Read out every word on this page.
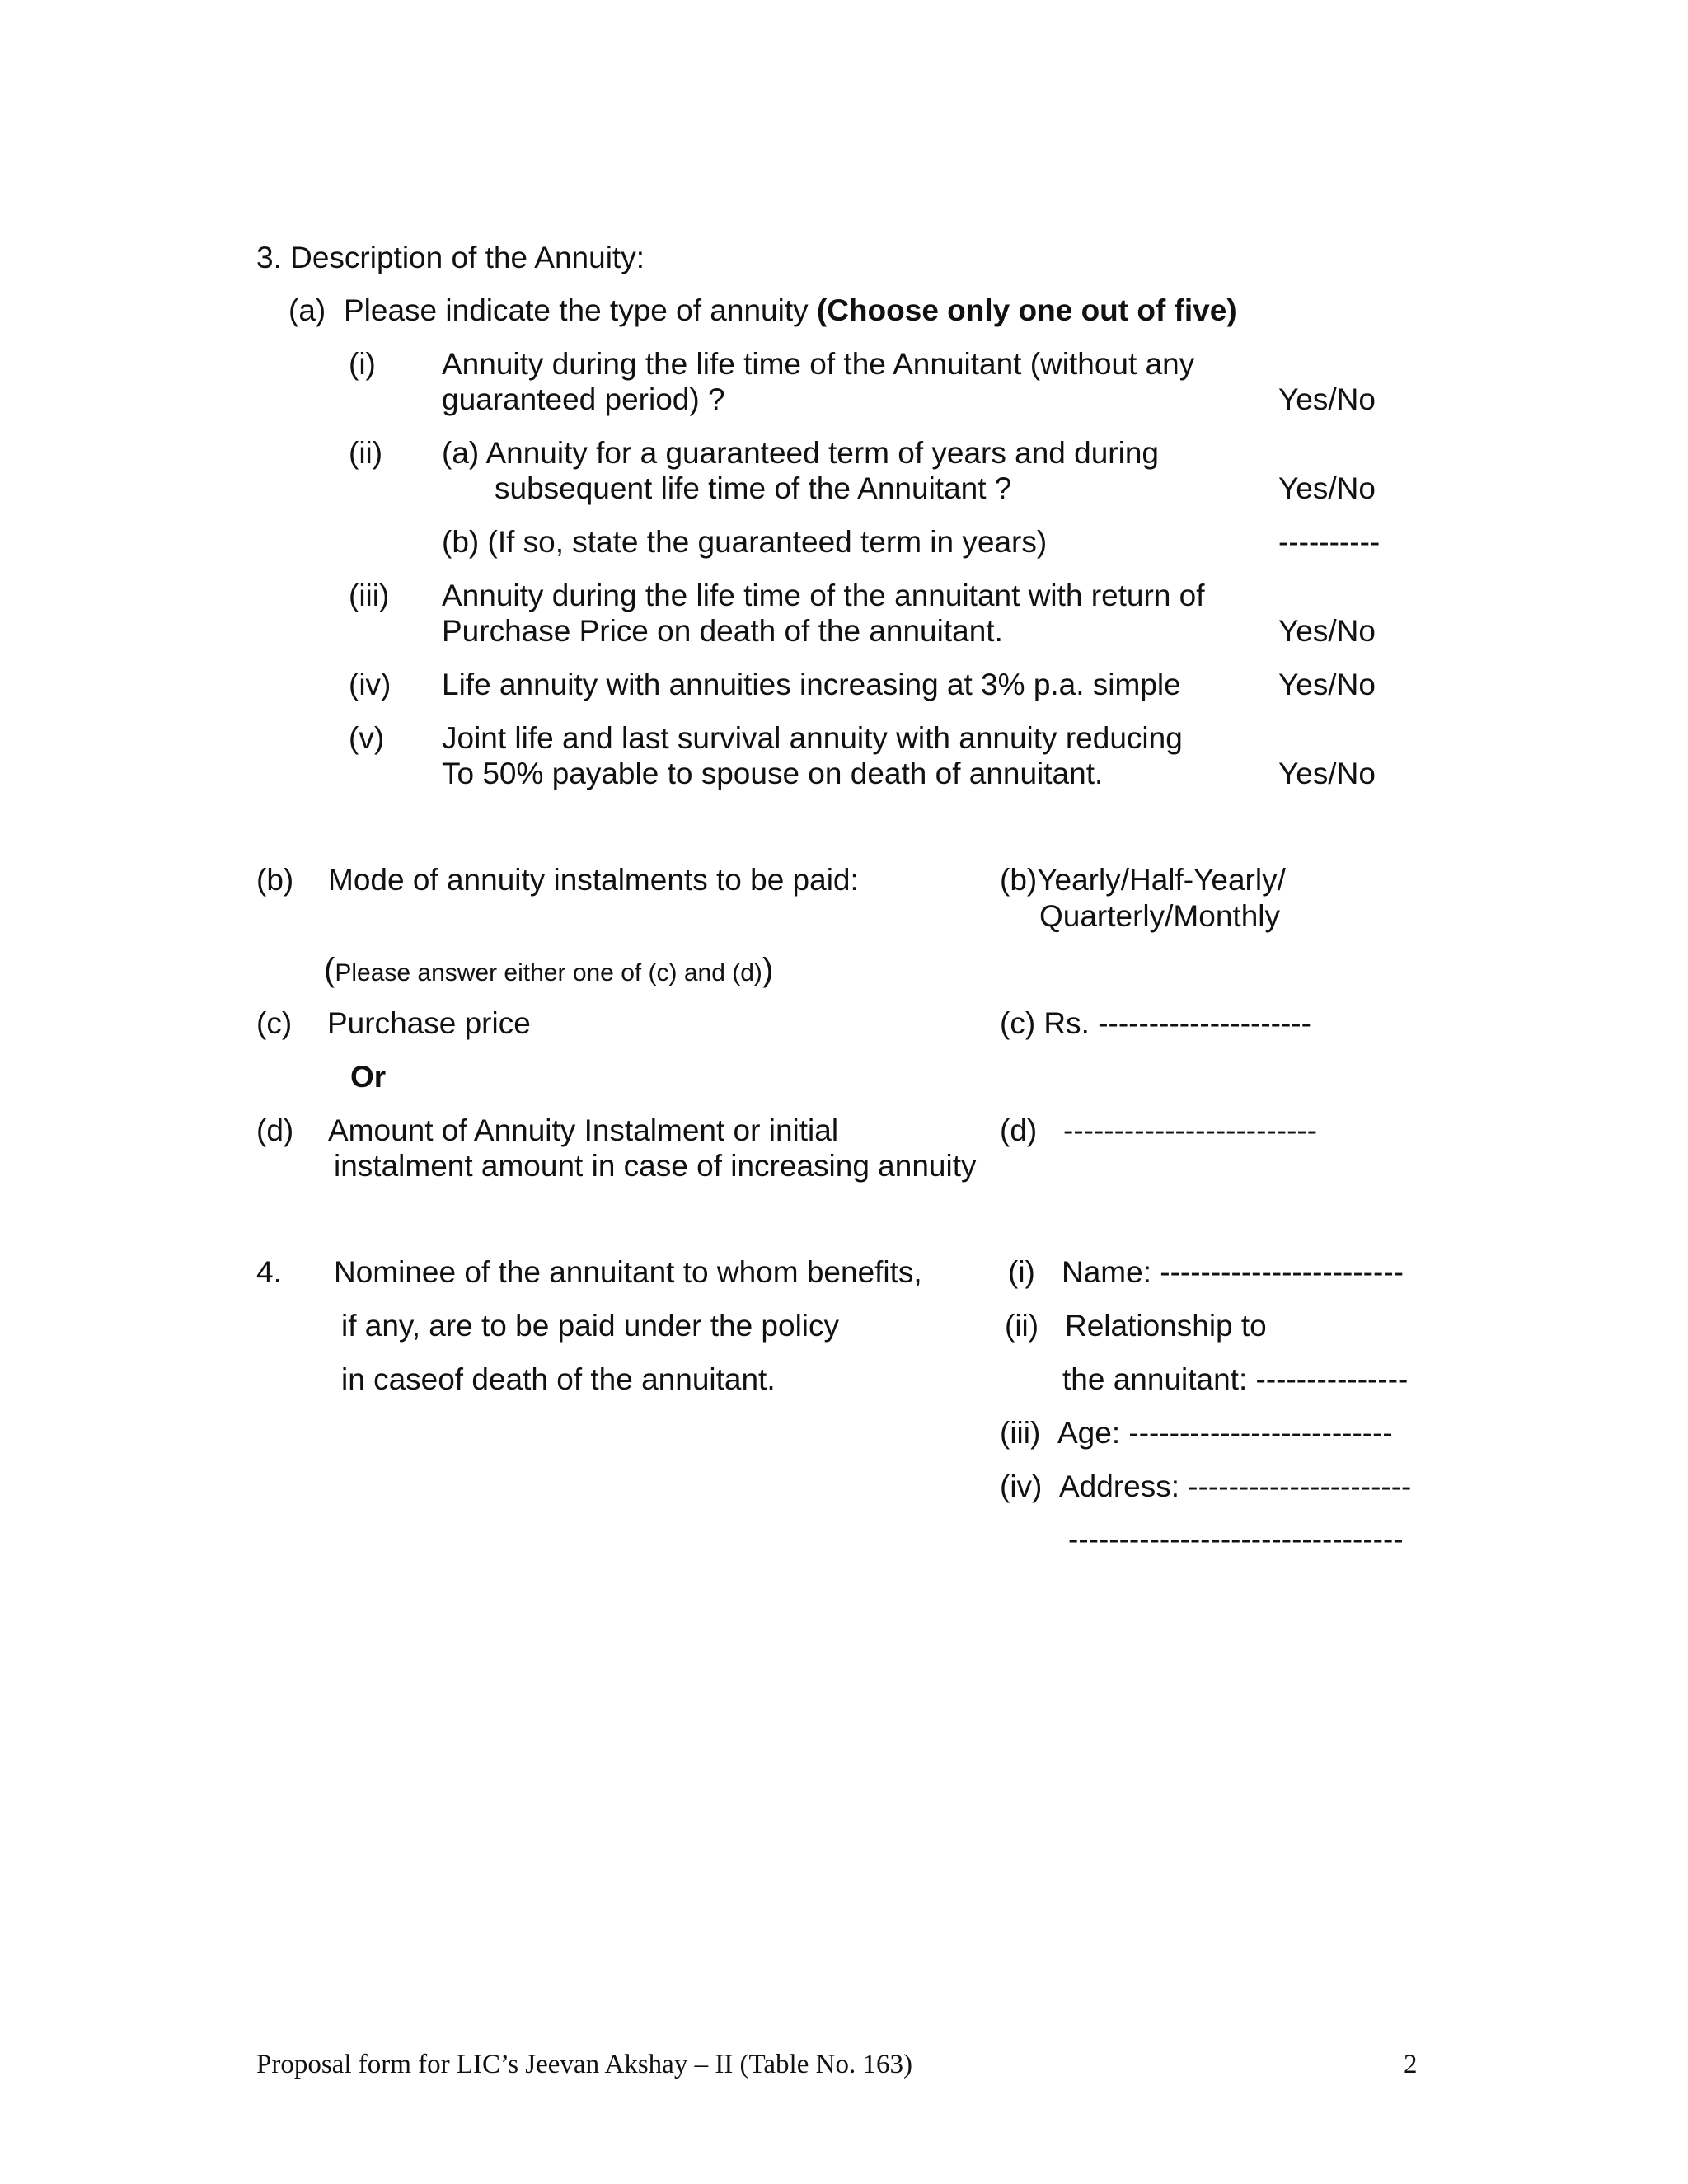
3. Description of the Annuity:
(a) Please indicate the type of annuity (Choose only one out of five)
(i) Annuity during the life time of the Annuitant (without any
guaranteed period) ?	Yes/No
(ii) (a) Annuity for a guaranteed term of years and during
subsequent life time of the Annuitant ?	Yes/No
(b) (If so, state the guaranteed term in years)	----------
(iii) Annuity during the life time of the annuitant with return of
Purchase Price on death of the annuitant.	Yes/No
(iv) Life annuity with annuities increasing at 3% p.a. simple	Yes/No
(v) Joint life and last survival annuity with annuity reducing
To 50% payable to spouse on death of annuitant.	Yes/No
(b) Mode of annuity instalments to be paid:	(b)Yearly/Half-Yearly/
Quarterly/Monthly
(Please answer either one of (c) and (d))
(c) Purchase price	(c) Rs. ---------------------
Or
(d) Amount of Annuity Instalment or initial
instalment amount in case of increasing annuity
(d) -------------------------
4. Nominee of the annuitant to whom benefits,
if any, are to be paid under the policy
in caseof death of the annuitant.
(i) Name: ------------------------
(ii) Relationship to
the annuitant: ---------------
(iii) Age: --------------------------
(iv) Address: ----------------------
---------------------------------
Proposal form for LIC’s Jeevan Akshay – II (Table No. 163)	2
